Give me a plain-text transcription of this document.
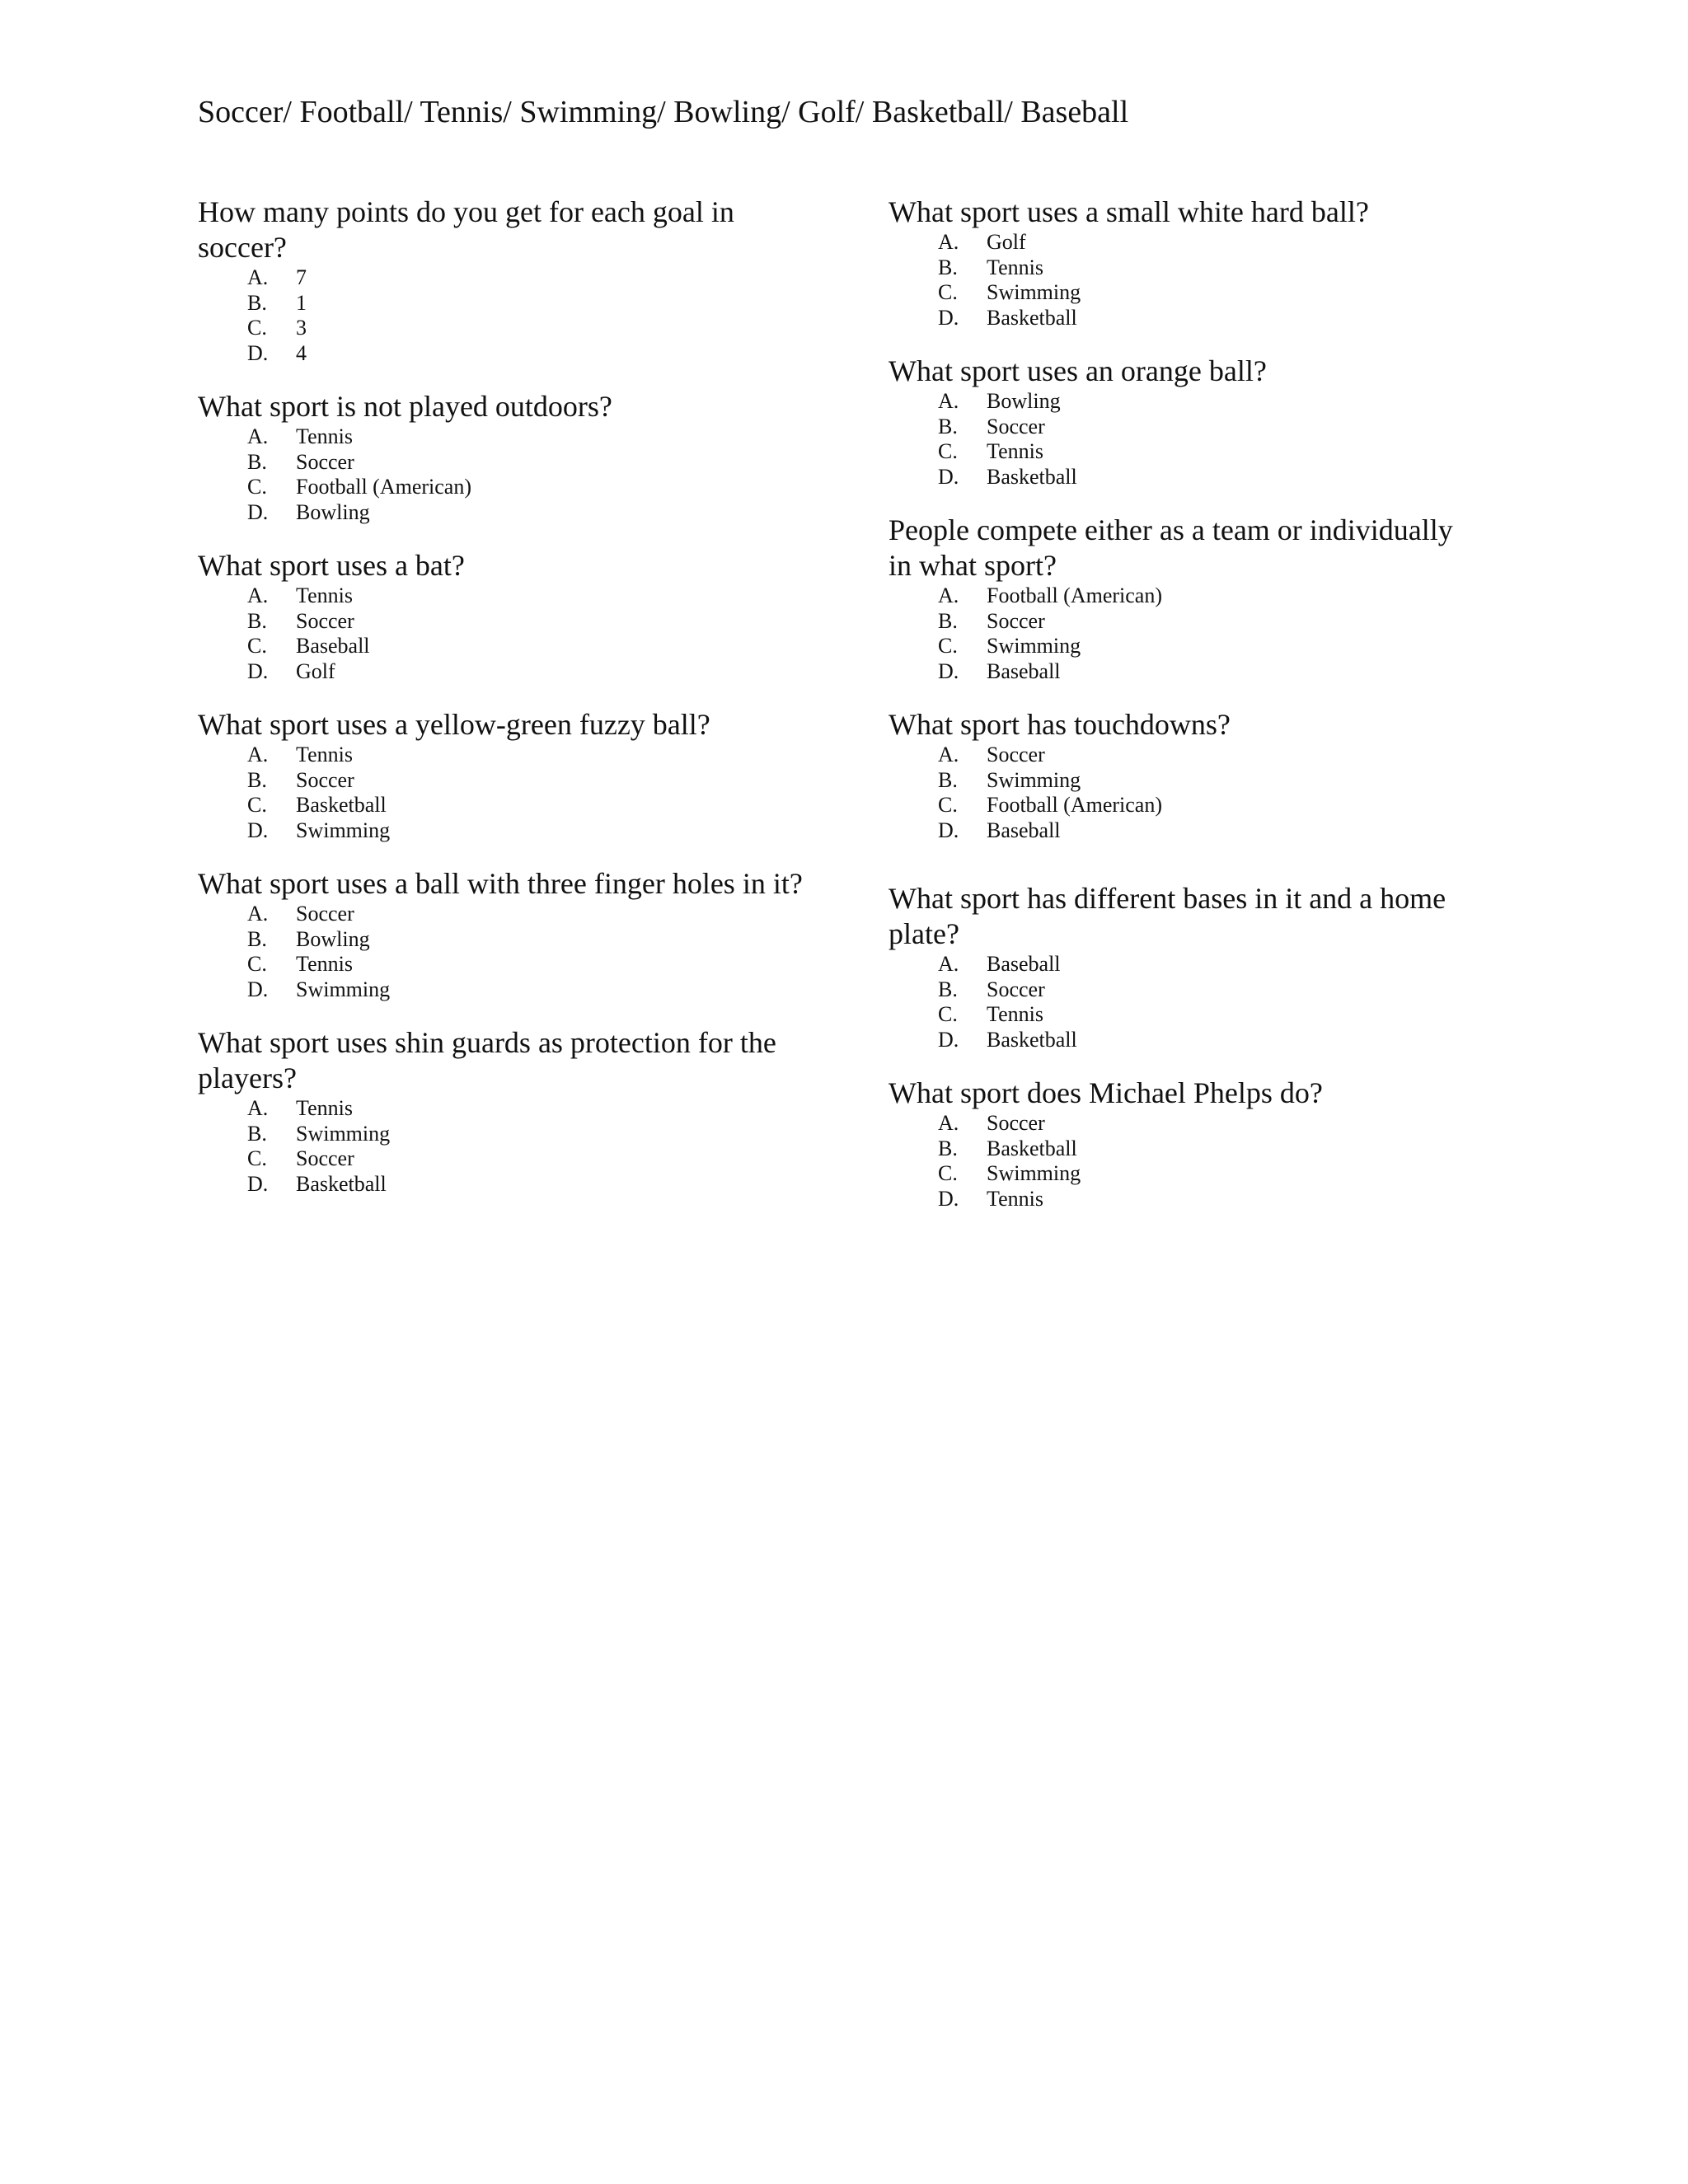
Soccer/ Football/ Tennis/ Swimming/ Bowling/ Golf/ Basketball/ Baseball

How many points do you get for each goal in soccer?

A.	7
B.	1
C.	3
D.	4

What sport is not played outdoors?

A.	Tennis
B.	Soccer
C.	Football (American)
D.	Bowling

What sport uses a bat?

A.	Tennis
B.	Soccer
C.	Baseball
D.	Golf

What sport uses a yellow-green fuzzy ball?

A.	Tennis
B.	Soccer
C.	Basketball
D.	Swimming

What sport uses a ball with three finger holes in it?

A.	Soccer
B.	Bowling
C.	Tennis
D.	Swimming

What sport uses shin guards as protection for the players?

A.	Tennis
B.	Swimming
C.	Soccer
D.	Basketball

What sport uses a small white hard ball?

A.	Golf
B.	Tennis
C.	Swimming
D.	Basketball

What sport uses an orange ball?

A.	Bowling
B.	Soccer
C.	Tennis
D.	Basketball

People compete either as a team or individually in what sport?

A.	Football (American)
B.	Soccer
C.	Swimming
D.	Baseball

What sport has touchdowns?

A.	Soccer
B.	Swimming
C.	Football (American)
D.	Baseball

What sport has different bases in it and a home plate?

A.	Baseball
B.	Soccer
C.	Tennis
D.	Basketball

What sport does Michael Phelps do?

A.	Soccer
B.	Basketball
C.	Swimming
D.	Tennis
